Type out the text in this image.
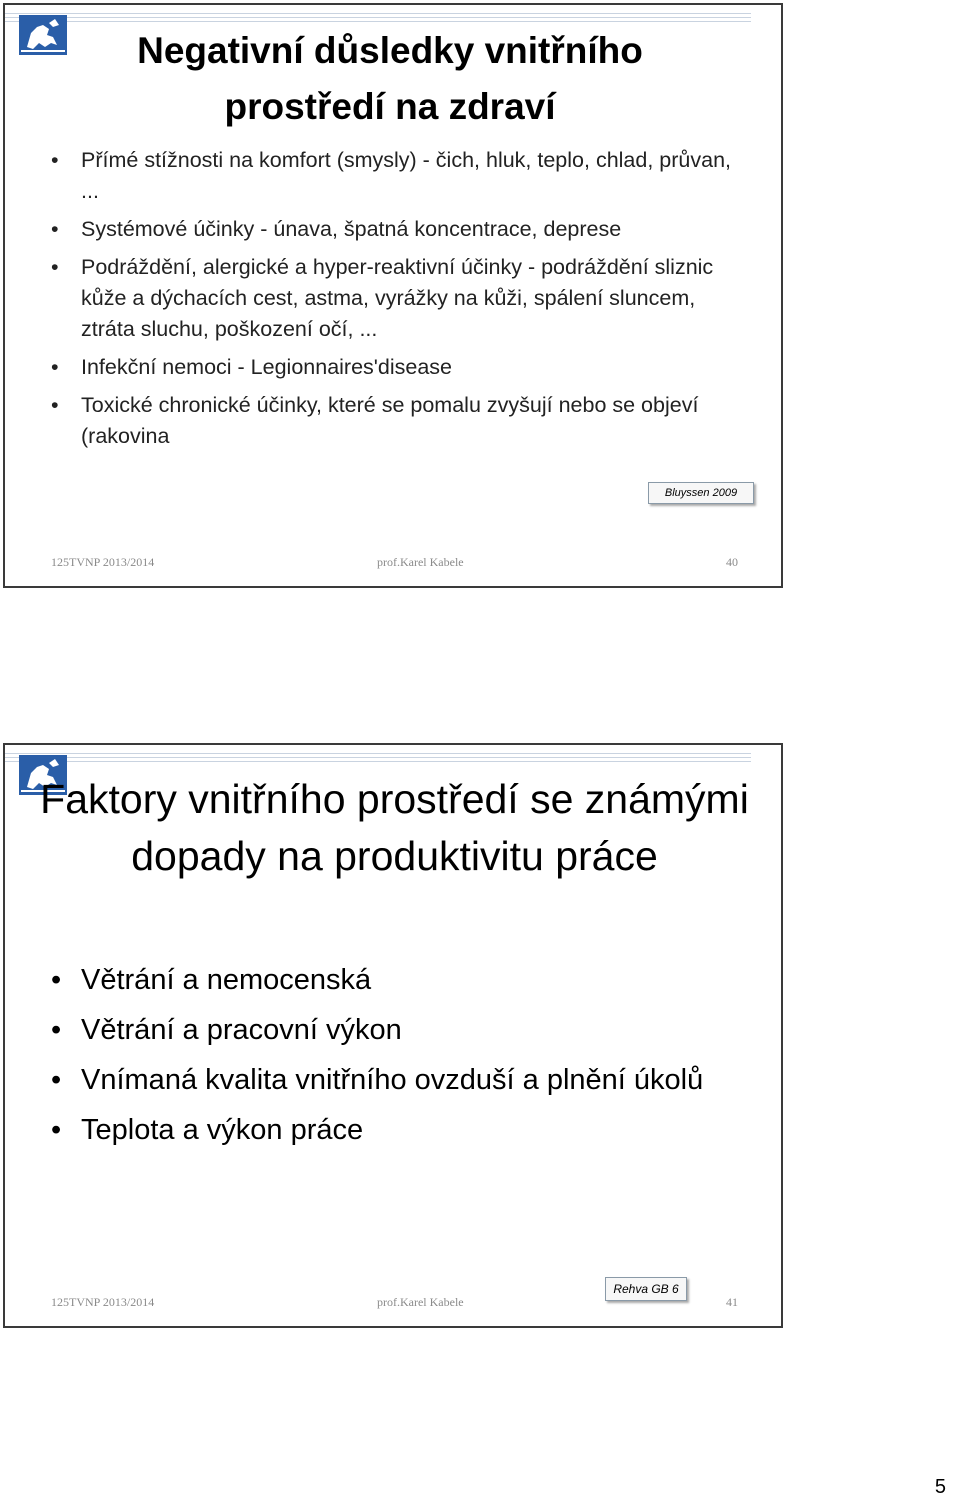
Negativní důsledky vnitřního
prostředí na zdraví
• Přímé stížnosti na komfort (smysly) - čich, hluk, teplo, chlad, průvan, ...
• Systémové účinky - únava, špatná koncentrace, deprese
• Podráždění, alergické a hyper-reaktivní účinky - podráždění sliznic kůže a dýchacích cest, astma, vyrážky na kůži, spálení sluncem, ztráta sluchu, poškození očí, ...
• Infekční nemoci - Legionnaires'disease
• Toxické chronické účinky, které se pomalu zvyšují nebo se objeví (rakovina
Bluyssen 2009
125TVNP 2013/2014	prof.Karel Kabele	40
Faktory vnitřního prostředí se známými
dopady na produktivitu práce
• Větrání a nemocenská
• Větrání a pracovní výkon
• Vnímaná kvalita vnitřního ovzduší a plnění úkolů
• Teplota a výkon práce
Rehva GB 6
125TVNP 2013/2014	prof.Karel Kabele	41
5
